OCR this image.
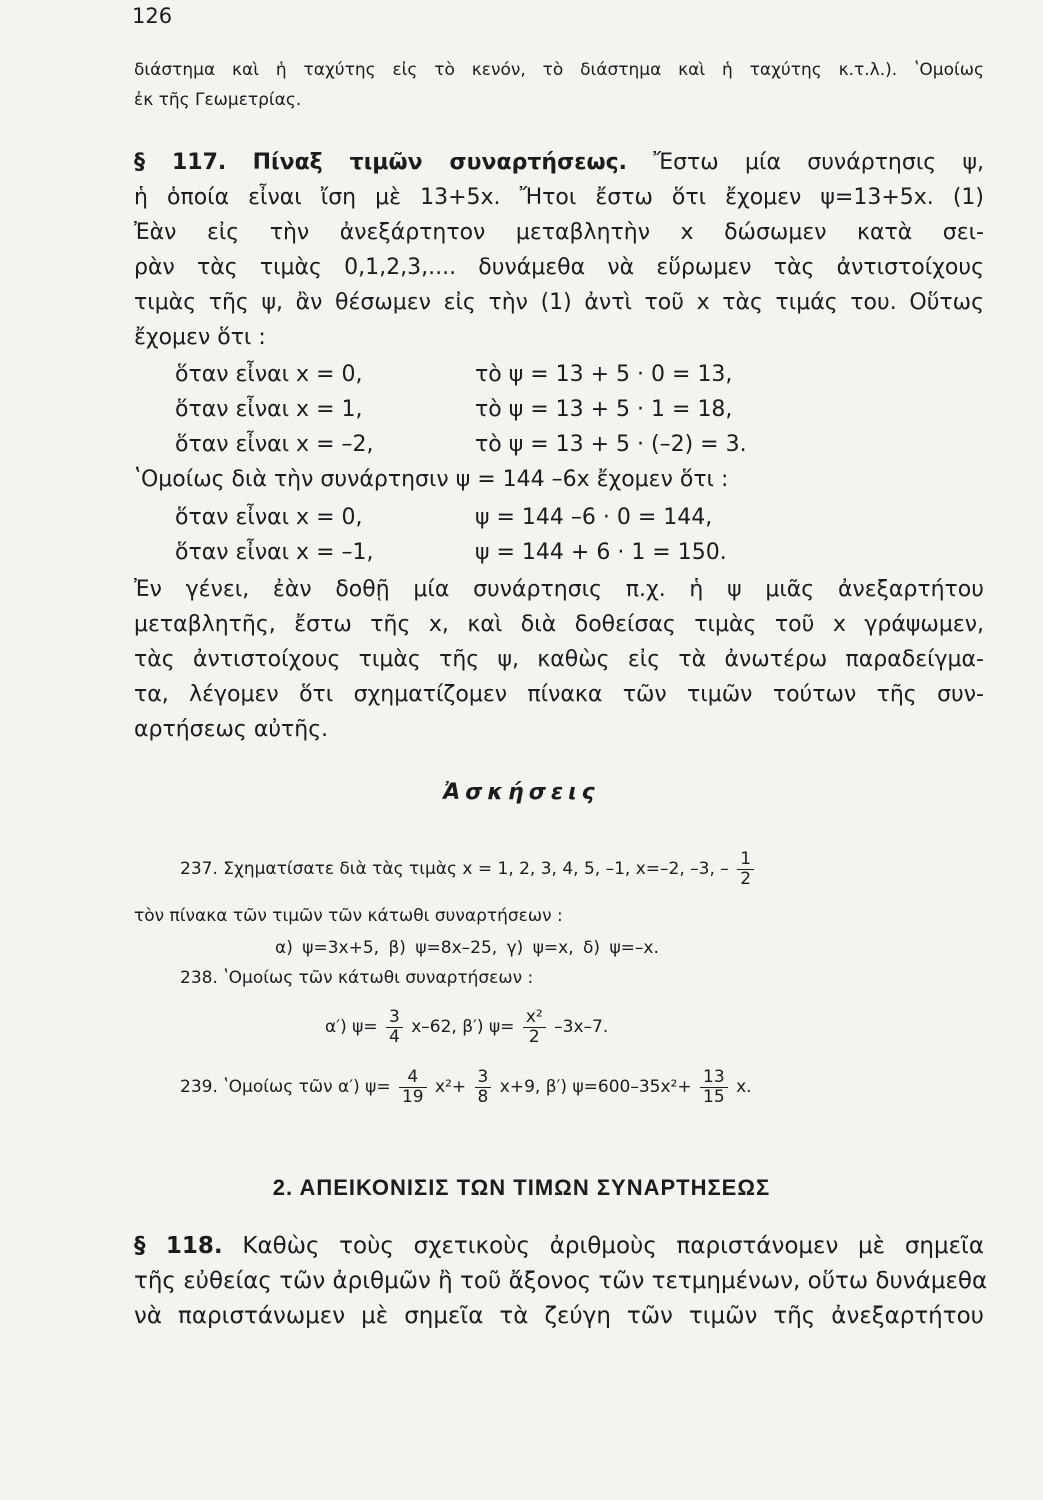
126
διάστημα καὶ ἡ ταχύτης εἰς τὸ κενόν, τὸ διάστημα καὶ ἡ ταχύτης κ.τ.λ.). ʽΟμοίως
ἐκ τῆς Γεωμετρίας.
§ 117. Πίναξ τιμῶν συναρτήσεως. Ἔστω μία συνάρτησις ψ,
ἡ ὁποία εἶναι ἴση μὲ 13+5x. Ἤτοι ἔστω ὅτι ἔχομεν ψ=13+5x. (1)
Ἐὰν εἰς τὴν ἀνεξάρτητον μεταβλητὴν x δώσωμεν κατὰ σει-
ρὰν τὰς τιμὰς 0,1,2,3,.... δυνάμεθα νὰ εὕρωμεν τὰς ἀντιστοίχους
τιμὰς τῆς ψ, ἂν θέσωμεν εἰς τὴν (1) ἀντὶ τοῦ x τὰς τιμάς του. Οὕτως
ἔχομεν ὅτι :
ὅταν εἶναι x = 0,	τὸ ψ = 13 + 5 · 0 = 13,
ὅταν εἶναι x = 1,	τὸ ψ = 13 + 5 · 1 = 18,
ὅταν εἶναι x = –2,	τὸ ψ = 13 + 5 · (–2) = 3.
ʽΟμοίως διὰ τὴν συνάρτησιν ψ = 144 –6x ἔχομεν ὅτι :
ὅταν εἶναι x = 0,	ψ = 144 –6 · 0 = 144,
ὅταν εἶναι x = –1,	ψ = 144 + 6 · 1 = 150.
Ἐν γένει, ἐὰν δοθῇ μία συνάρτησις π.χ. ἡ ψ μιᾶς ἀνεξαρτήτου
μεταβλητῆς, ἔστω τῆς x, καὶ διὰ δοθείσας τιμὰς τοῦ x γράψωμεν,
τὰς ἀντιστοίχους τιμὰς τῆς ψ, καθὼς εἰς τὰ ἀνωτέρω παραδείγμα-
τα, λέγομεν ὅτι σχηματίζομεν πίνακα τῶν τιμῶν τούτων τῆς συν-
αρτήσεως αὐτῆς.
Ἀσκήσεις
237. Σχηματίσατε διὰ τὰς τιμὰς x = 1, 2, 3, 4, 5, –1, x=–2, –3, – $\frac{1}{2}$
τὸν πίνακα τῶν τιμῶν τῶν κάτωθι συναρτήσεων :
α) ψ=3x+5, β) ψ=8x–25, γ) ψ=x, δ) ψ=–x.
238. ʽΟμοίως τῶν κάτωθι συναρτήσεων :
α′) $\psi= \frac{3}{4} x-62$, β′) $\psi= \frac{\text{x²}}{2} -3x-7$.
239. ʽΟμοίως τῶν α′) $\psi= \frac{4}{19} x^2+ \frac{3}{8} x+9$, β′) $\psi=600-35x^2+ \frac{13}{15} x$.
2. ΑΠΕΙΚΟΝΙΣΙΣ ΤΩΝ ΤΙΜΩΝ ΣΥΝΑΡΤΗΣΕΩΣ
§ 118. Καθὼς τοὺς σχετικοὺς ἀριθμοὺς παριστάνομεν μὲ σημεῖα
τῆς εὐθείας τῶν ἀριθμῶν ἢ τοῦ ἄξονος τῶν τετμημένων, οὕτω δυνάμεθα
νὰ παριστάνωμεν μὲ σημεῖα τὰ ζεύγη τῶν τιμῶν τῆς ἀνεξαρτήτου
